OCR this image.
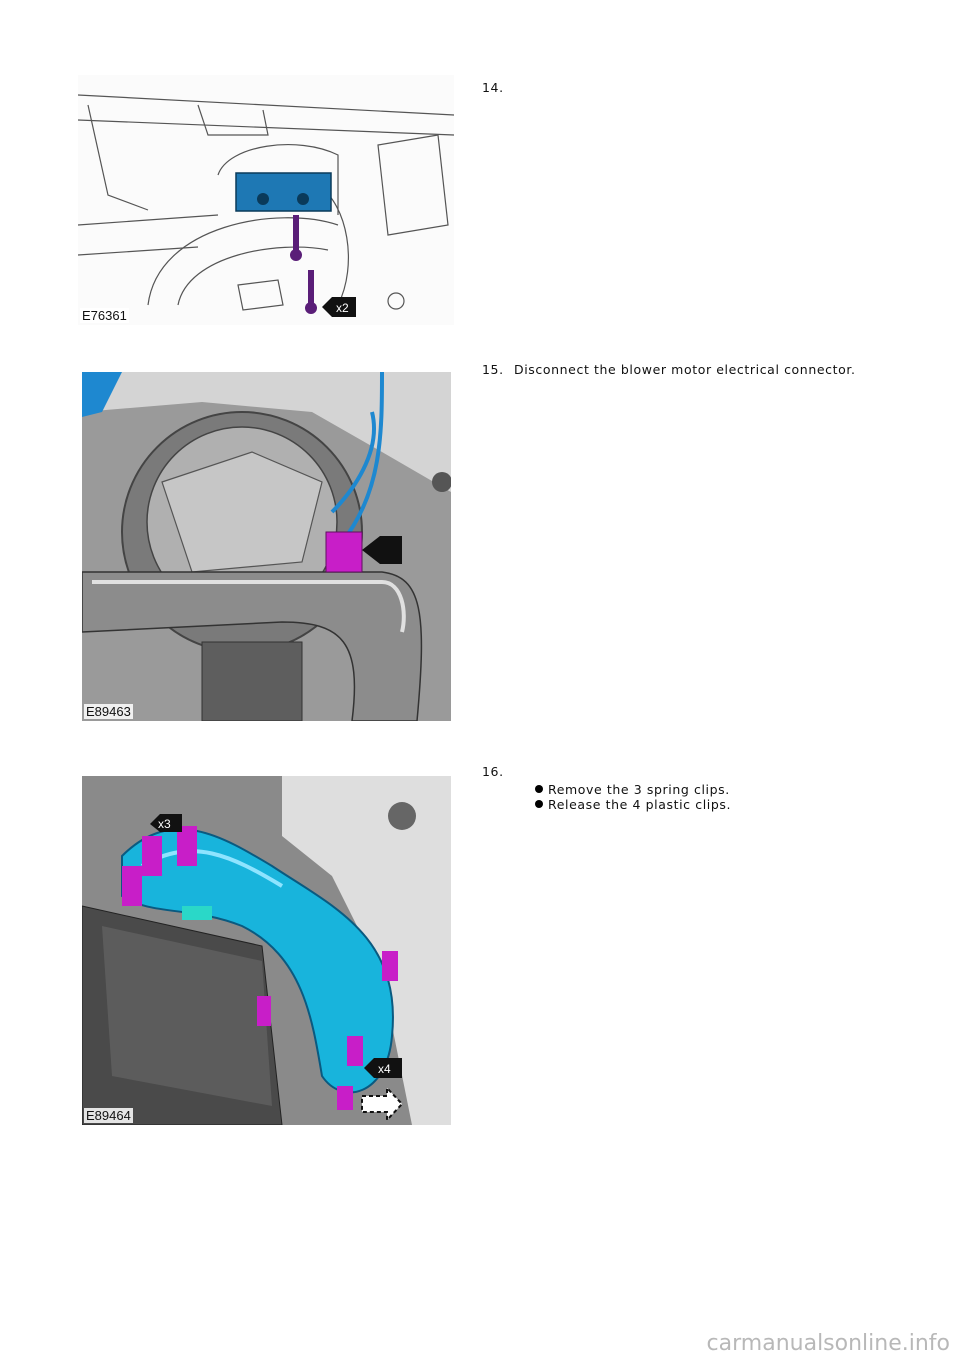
x2
E76361
14.
E89463
15. Disconnect the blower motor electrical connector.
x3
x4
E89464
16.
Remove the 3 spring clips.
Release the 4 plastic clips.
carmanualsonline.info
